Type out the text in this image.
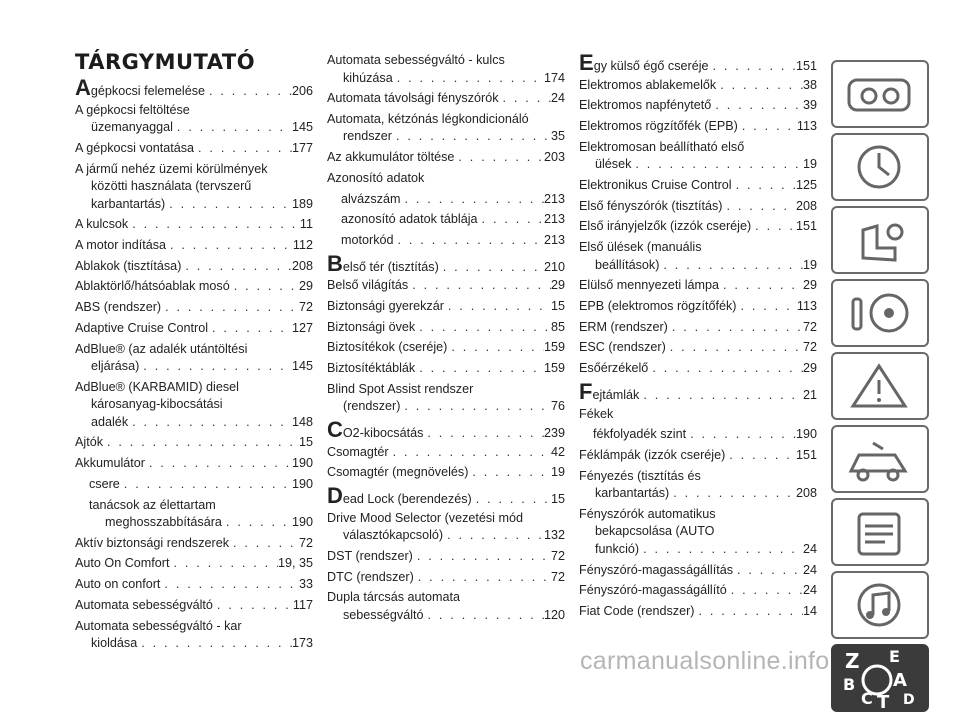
TÁRGYMUTATÓ
A gépkocsi felemelése . . .	206
A gépkocsi feltöltése
üzemanyaggal . . .	145
A gépkocsi vontatása . . .	177
A jármű nehéz üzemi körülmények
közötti használata (tervszerű
karbantartás) . . .	189
A kulcsok . . .	11
A motor indítása . . .	112
Ablakok (tisztítása) . . .	208
Ablaktörlő/hátsóablak mosó . . .	29
ABS (rendszer) . . .	72
Adaptive Cruise Control . . .	127
AdBlue® (az adalék utántöltési
eljárása) . . .	145
AdBlue® (KARBAMID) diesel
károsanyag-kibocsátási
adalék . . .	148
Ajtók . . .	15
Akkumulátor . . .	190
csere . . .	190
tanácsok az élettartam
meghosszabbítására . . .	190
Aktív biztonsági rendszerek . . .	72
Auto On Comfort . . .	19, 35
Auto on confort . . .	33
Automata sebességváltó . . .	117
Automata sebességváltó - kar
kioldása . . .	173
Automata sebességváltó - kulcs
kihúzása . . .	174
Automata távolsági fényszórók . . .	24
Automata, kétzónás légkondicionáló
rendszer . . .	35
Az akkumulátor töltése . . .	203
Azonosító adatok
alvázszám . . .	213
azonosító adatok táblája . . .	213
motorkód . . .	213
B első tér (tisztítás) . . .	210
Belső világítás . . .	29
Biztonsági gyerekzár . . .	15
Biztonsági övek . . .	85
Biztosítékok (cseréje) . . .	159
Biztosítéktáblák . . .	159
Blind Spot Assist rendszer
(rendszer) . . .	76
C O2-kibocsátás . . .	239
Csomagtér . . .	42
Csomagtér (megnövelés) . . .	19
D ead Lock (berendezés) . . .	15
Drive Mood Selector (vezetési mód
választókapcsoló) . . .	132
DST (rendszer) . . .	72
DTC (rendszer) . . .	72
Dupla tárcsás automata
sebességváltó . . .	120
E gy külső égő cseréje . . .	151
Elektromos ablakemelők . . .	38
Elektromos napfénytető . . .	39
Elektromos rögzítőfék (EPB) . . .	113
Elektromosan beállítható első
ülések . . .	19
Elektronikus Cruise Control . . .	125
Első fényszórók (tisztítás) . . .	208
Első irányjelzők (izzók cseréje) . . .	151
Első ülések (manuális
beállítások) . . .	19
Elülső mennyezeti lámpa . . .	29
EPB (elektromos rögzítőfék) . . .	113
ERM (rendszer) . . .	72
ESC (rendszer) . . .	72
Esőérzékelő . . .	29
F ejtámlák . . .	21
Fékek
fékfolyadék szint . . .	190
Féklámpák (izzók cseréje) . . .	151
Fényezés (tisztítás és
karbantartás) . . .	208
Fényszórók automatikus
bekapcsolása (AUTO
funkció) . . .	24
Fényszóró-magasságállítás . . .	24
Fényszóró-magasságállító . . .	24
Fiat Code (rendszer) . . .	14
Z E
B A
C D
T
carmanualsonline.info
